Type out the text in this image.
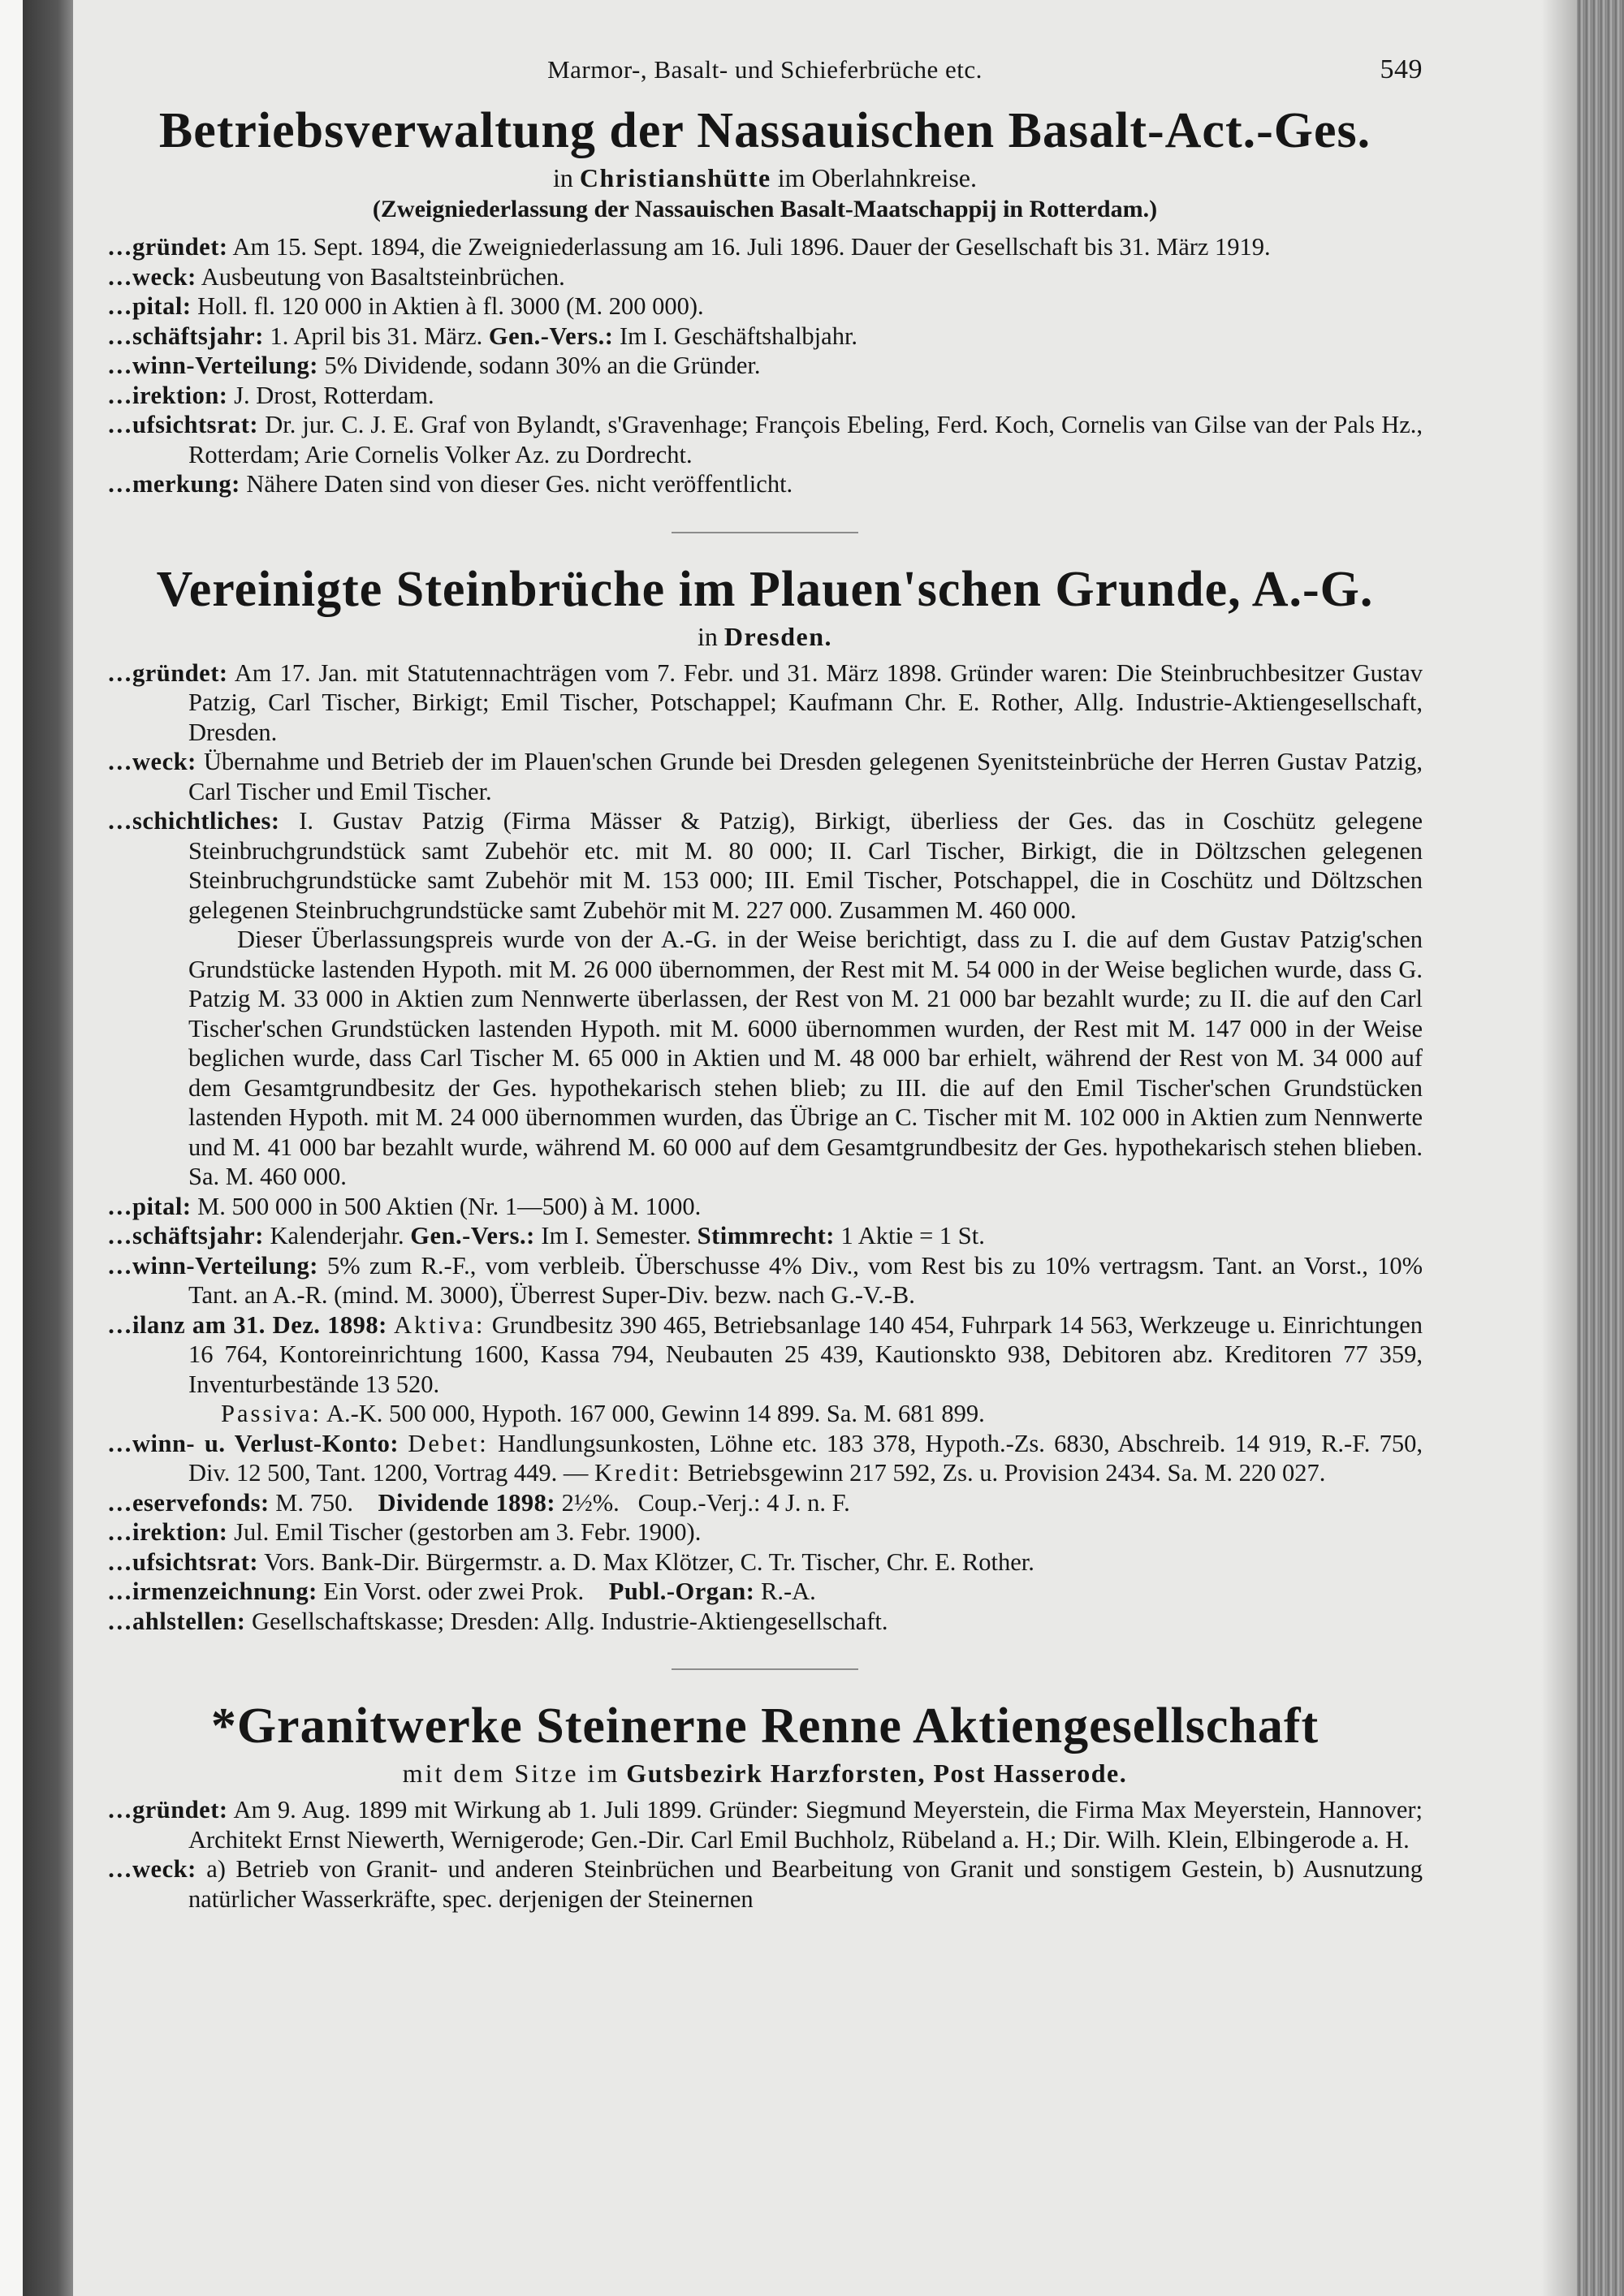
Marmor-, Basalt- und Schieferbrüche etc.	549
Betriebsverwaltung der Nassauischen Basalt-Act.-Ges.
in Christianshütte im Oberlahnkreise.
(Zweigniederlassung der Nassauischen Basalt-Maatschappij in Rotterdam.)
…gründet: Am 15. Sept. 1894, die Zweigniederlassung am 16. Juli 1896. Dauer der Gesellschaft bis 31. März 1919.
…weck: Ausbeutung von Basaltsteinbrüchen.
…pital: Holl. fl. 120 000 in Aktien à fl. 3000 (M. 200 000).
…schäftsjahr: 1. April bis 31. März. Gen.-Vers.: Im I. Geschäftshalbjahr.
…winn-Verteilung: 5% Dividende, sodann 30% an die Gründer.
…irektion: J. Drost, Rotterdam.
…ufsichtsrat: Dr. jur. C. J. E. Graf von Bylandt, s'Gravenhage; François Ebeling, Ferd. Koch, Cornelis van Gilse van der Pals Hz., Rotterdam; Arie Cornelis Volker Az. zu Dordrecht.
…merkung: Nähere Daten sind von dieser Ges. nicht veröffentlicht.
Vereinigte Steinbrüche im Plauen'schen Grunde, A.-G.
in Dresden.
…gründet: Am 17. Jan. mit Statutennachträgen vom 7. Febr. und 31. März 1898. Gründer waren: Die Steinbruchbesitzer Gustav Patzig, Carl Tischer, Birkigt; Emil Tischer, Potschappel; Kaufmann Chr. E. Rother, Allg. Industrie-Aktiengesellschaft, Dresden.
…weck: Übernahme und Betrieb der im Plauen'schen Grunde bei Dresden gelegenen Syenitsteinbrüche der Herren Gustav Patzig, Carl Tischer und Emil Tischer.
…schichtliches: I. Gustav Patzig (Firma Mässer & Patzig), Birkigt, überliess der Ges. das in Coschütz gelegene Steinbruchgrundstück samt Zubehör etc. mit M. 80 000; II. Carl Tischer, Birkigt, die in Döltzschen gelegenen Steinbruchgrundstücke samt Zubehör mit M. 153 000; III. Emil Tischer, Potschappel, die in Coschütz und Döltzschen gelegenen Steinbruchgrundstücke samt Zubehör mit M. 227 000. Zusammen M. 460 000.
Dieser Überlassungspreis wurde von der A.-G. in der Weise berichtigt, dass zu I. die auf dem Gustav Patzig'schen Grundstücke lastenden Hypoth. mit M. 26 000 übernommen, der Rest mit M. 54 000 in der Weise beglichen wurde, dass G. Patzig M. 33 000 in Aktien zum Nennwerte überlassen, der Rest von M. 21 000 bar bezahlt wurde; zu II. die auf den Carl Tischer'schen Grundstücken lastenden Hypoth. mit M. 6000 übernommen wurden, der Rest mit M. 147 000 in der Weise beglichen wurde, dass Carl Tischer M. 65 000 in Aktien und M. 48 000 bar erhielt, während der Rest von M. 34 000 auf dem Gesamtgrundbesitz der Ges. hypothekarisch stehen blieb; zu III. die auf den Emil Tischer'schen Grundstücken lastenden Hypoth. mit M. 24 000 übernommen wurden, das Übrige an C. Tischer mit M. 102 000 in Aktien zum Nennwerte und M. 41 000 bar bezahlt wurde, während M. 60 000 auf dem Gesamtgrundbesitz der Ges. hypothekarisch stehen blieben. Sa. M. 460 000.
…pital: M. 500 000 in 500 Aktien (Nr. 1—500) à M. 1000.
…schäftsjahr: Kalenderjahr. Gen.-Vers.: Im I. Semester. Stimmrecht: 1 Aktie = 1 St.
…winn-Verteilung: 5% zum R.-F., vom verbleib. Überschusse 4% Div., vom Rest bis zu 10% vertragsm. Tant. an Vorst., 10% Tant. an A.-R. (mind. M. 3000), Überrest Super-Div. bezw. nach G.-V.-B.
…ilanz am 31. Dez. 1898: Aktiva: Grundbesitz 390 465, Betriebsanlage 140 454, Fuhrpark 14 563, Werkzeuge u. Einrichtungen 16 764, Kontoreinrichtung 1600, Kassa 794, Neubauten 25 439, Kautionskto 938, Debitoren abz. Kreditoren 77 359, Inventurbestände 13 520.
Passiva: A.-K. 500 000, Hypoth. 167 000, Gewinn 14 899. Sa. M. 681 899.
…winn- u. Verlust-Konto: Debet: Handlungsunkosten, Löhne etc. 183 378, Hypoth.-Zs. 6830, Abschreib. 14 919, R.-F. 750, Div. 12 500, Tant. 1200, Vortrag 449. — Kredit: Betriebsgewinn 217 592, Zs. u. Provision 2434. Sa. M. 220 027.
…eservefonds: M. 750. Dividende 1898: 2½%. Coup.-Verj.: 4 J. n. F.
…irektion: Jul. Emil Tischer (gestorben am 3. Febr. 1900).
…ufsichtsrat: Vors. Bank-Dir. Bürgermstr. a. D. Max Klötzer, C. Tr. Tischer, Chr. E. Rother.
…irmenzeichnung: Ein Vorst. oder zwei Prok. Publ.-Organ: R.-A.
…ahlstellen: Gesellschaftskasse; Dresden: Allg. Industrie-Aktiengesellschaft.
*Granitwerke Steinerne Renne Aktiengesellschaft
mit dem Sitze im Gutsbezirk Harzforsten, Post Hasserode.
…gründet: Am 9. Aug. 1899 mit Wirkung ab 1. Juli 1899. Gründer: Siegmund Meyerstein, die Firma Max Meyerstein, Hannover; Architekt Ernst Niewerth, Wernigerode; Gen.-Dir. Carl Emil Buchholz, Rübeland a. H.; Dir. Wilh. Klein, Elbingerode a. H.
…weck: a) Betrieb von Granit- und anderen Steinbrüchen und Bearbeitung von Granit und sonstigem Gestein, b) Ausnutzung natürlicher Wasserkräfte, spec. derjenigen der Steinernen
